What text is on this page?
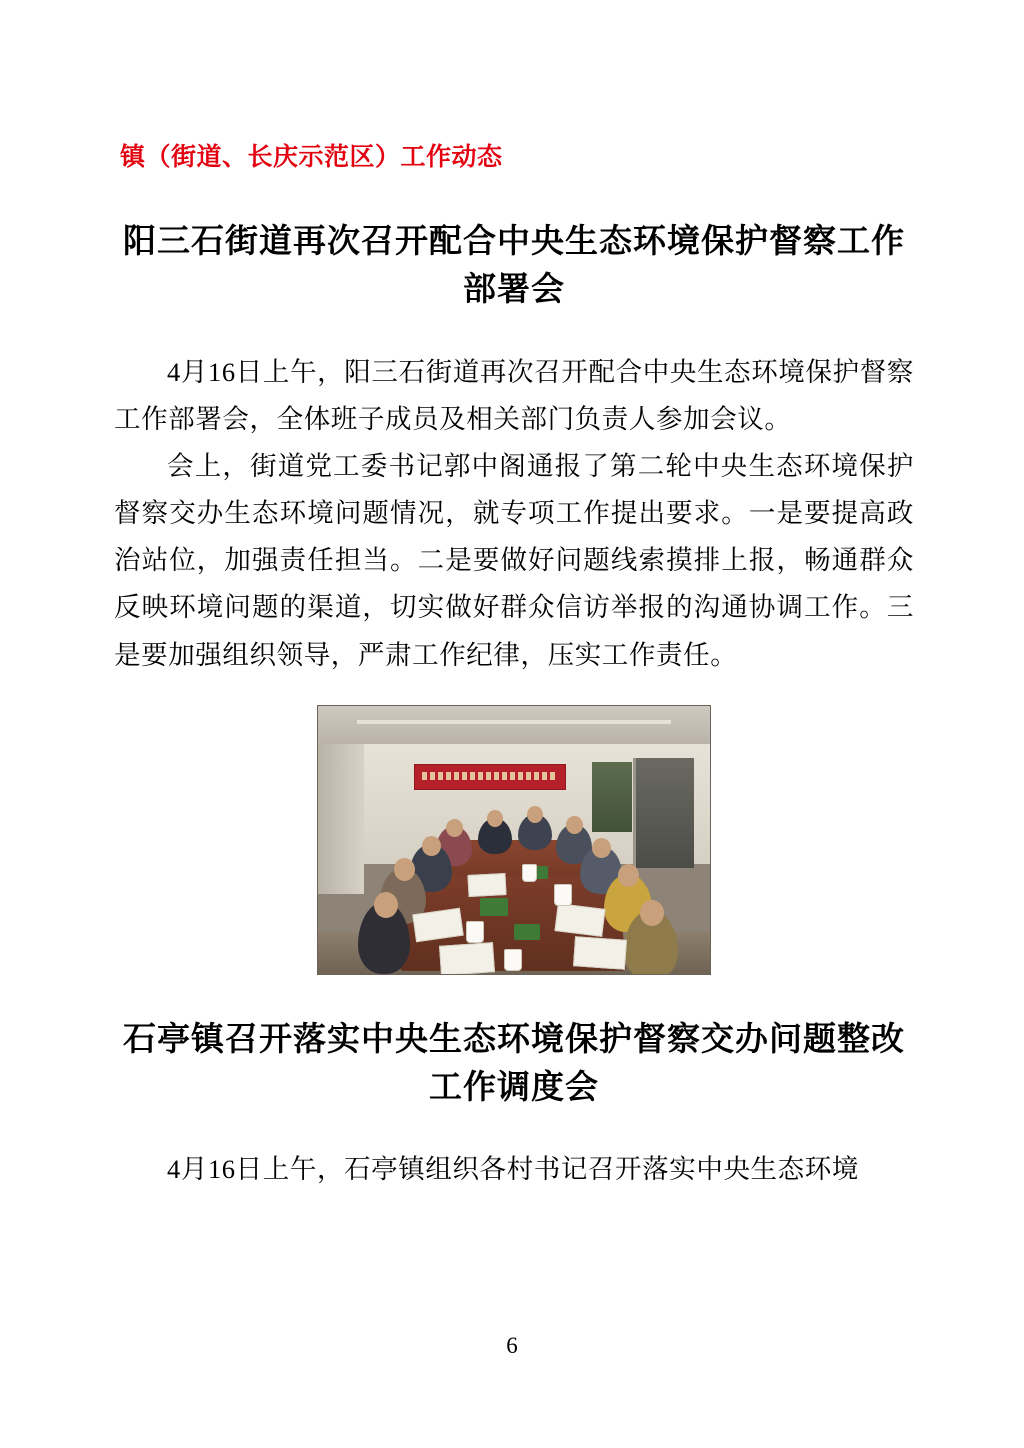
镇（街道、长庆示范区）工作动态
阳三石街道再次召开配合中央生态环境保护督察工作部署会

4月16日上午，阳三石街道再次召开配合中央生态环境保护督察工作部署会，全体班子成员及相关部门负责人参加会议。

会上，街道党工委书记郭中阁通报了第二轮中央生态环境保护督察交办生态环境问题情况，就专项工作提出要求。一是要提高政治站位，加强责任担当。二是要做好问题线索摸排上报，畅通群众反映环境问题的渠道，切实做好群众信访举报的沟通协调工作。三是要加强组织领导，严肃工作纪律，压实工作责任。

石亭镇召开落实中央生态环境保护督察交办问题整改工作调度会

4月16日上午，石亭镇组织各村书记召开落实中央生态环境

6
